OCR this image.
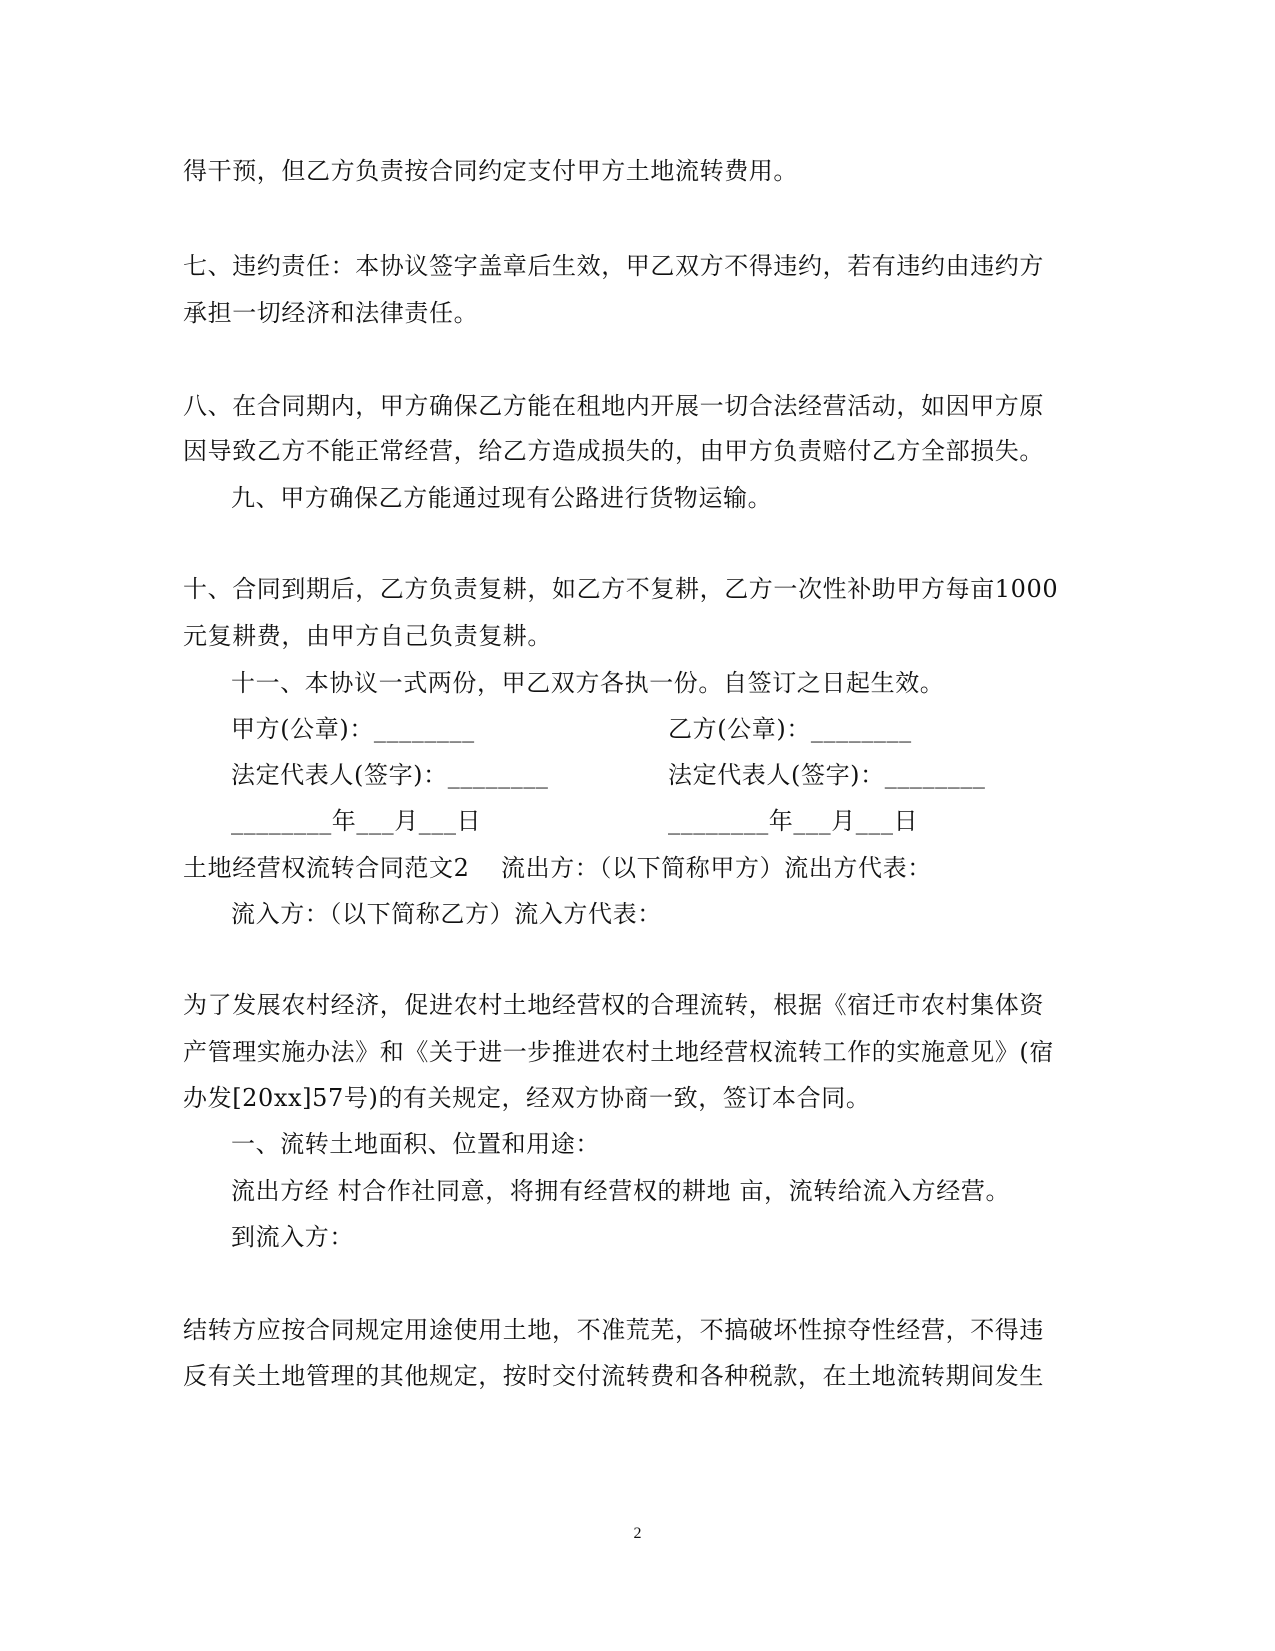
得干预，但乙方负责按合同约定支付甲方土地流转费用。
七、违约责任：本协议签字盖章后生效，甲乙双方不得违约，若有违约由违约方
承担一切经济和法律责任。
八、在合同期内，甲方确保乙方能在租地内开展一切合法经营活动，如因甲方原
因导致乙方不能正常经营，给乙方造成损失的，由甲方负责赔付乙方全部损失。
九、甲方确保乙方能通过现有公路进行货物运输。
十、合同到期后，乙方负责复耕，如乙方不复耕，乙方一次性补助甲方每亩1000
元复耕费，由甲方自己负责复耕。
十一、本协议一式两份，甲乙双方各执一份。自签订之日起生效。
甲方(公章)：________	乙方(公章)：________
法定代表人(签字)：________	法定代表人(签字)：________
________年___月___日	________年___月___日
土地经营权流转合同范文2 流出方：（以下简称甲方）流出方代表：
流入方：（以下简称乙方）流入方代表：
为了发展农村经济，促进农村土地经营权的合理流转，根据《宿迁市农村集体资
产管理实施办法》和《关于进一步推进农村土地经营权流转工作的实施意见》(宿
办发[20xx]57号)的有关规定，经双方协商一致，签订本合同。
一、流转土地面积、位置和用途：
流出方经 村合作社同意，将拥有经营权的耕地 亩，流转给流入方经营。
到流入方：
结转方应按合同规定用途使用土地，不准荒芜，不搞破坏性掠夺性经营，不得违
反有关土地管理的其他规定，按时交付流转费和各种税款，在土地流转期间发生
2
